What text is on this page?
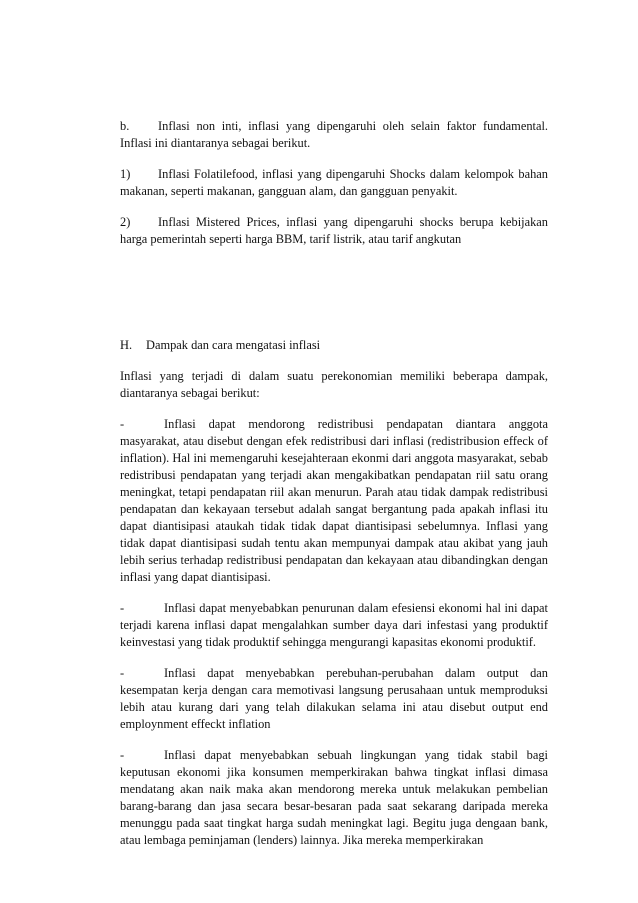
b. Inflasi non inti, inflasi yang dipengaruhi oleh selain faktor fundamental. Inflasi ini diantaranya sebagai berikut.

1) Inflasi Folatilefood, inflasi yang dipengaruhi Shocks dalam kelompok bahan makanan, seperti makanan, gangguan alam, dan gangguan penyakit.

2) Inflasi Mistered Prices, inflasi yang dipengaruhi shocks berupa kebijakan harga pemerintah seperti harga BBM, tarif listrik, atau tarif angkutan

H. Dampak dan cara mengatasi inflasi

Inflasi yang terjadi di dalam suatu perekonomian memiliki beberapa dampak, diantaranya sebagai berikut:

-	Inflasi dapat mendorong redistribusi pendapatan diantara anggota masyarakat, atau disebut dengan efek redistribusi dari inflasi (redistribusion effeck of inflation). Hal ini memengaruhi kesejahteraan ekonmi dari anggota masyarakat, sebab redistribusi pendapatan yang terjadi akan mengakibatkan pendapatan riil satu orang meningkat, tetapi pendapatan riil akan menurun. Parah atau tidak dampak redistribusi pendapatan dan kekayaan tersebut adalah sangat bergantung pada apakah inflasi itu dapat diantisipasi ataukah tidak tidak dapat diantisipasi sebelumnya. Inflasi yang tidak dapat diantisipasi sudah tentu akan mempunyai dampak atau akibat yang jauh lebih serius terhadap redistribusi pendapatan dan kekayaan atau dibandingkan dengan inflasi yang dapat diantisipasi.

-	Inflasi dapat menyebabkan penurunan dalam efesiensi ekonomi hal ini dapat terjadi karena inflasi dapat mengalahkan sumber daya dari infestasi yang produktif keinvestasi yang tidak produktif sehingga mengurangi kapasitas ekonomi produktif.

-	Inflasi dapat menyebabkan perebuhan-perubahan dalam output dan kesempatan kerja dengan cara memotivasi langsung perusahaan untuk memproduksi lebih atau kurang dari yang telah dilakukan selama ini atau disebut output end employnment effeckt inflation

-	Inflasi dapat menyebabkan sebuah lingkungan yang tidak stabil bagi keputusan ekonomi jika konsumen memperkirakan bahwa tingkat inflasi dimasa mendatang akan naik maka akan mendorong mereka untuk melakukan pembelian barang-barang dan jasa secara besar-besaran pada saat sekarang daripada mereka menunggu pada saat tingkat harga sudah meningkat lagi. Begitu juga dengaan bank, atau lembaga peminjaman (lenders) lainnya. Jika mereka memperkirakan
